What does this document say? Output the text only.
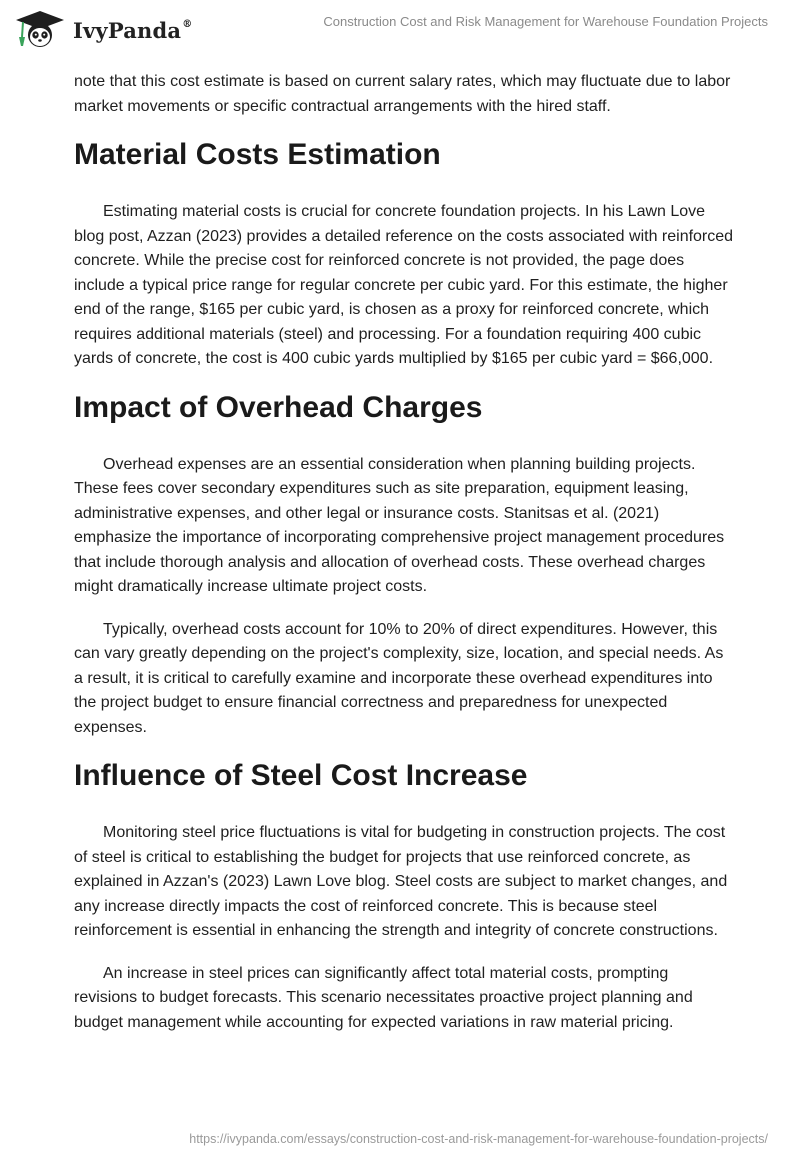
IvyPanda®	Construction Cost and Risk Management for Warehouse Foundation Projects

note that this cost estimate is based on current salary rates, which may fluctuate due to labor market movements or specific contractual arrangements with the hired staff.

Material Costs Estimation

Estimating material costs is crucial for concrete foundation projects. In his Lawn Love blog post, Azzan (2023) provides a detailed reference on the costs associated with reinforced concrete. While the precise cost for reinforced concrete is not provided, the page does include a typical price range for regular concrete per cubic yard. For this estimate, the higher end of the range, $165 per cubic yard, is chosen as a proxy for reinforced concrete, which requires additional materials (steel) and processing. For a foundation requiring 400 cubic yards of concrete, the cost is 400 cubic yards multiplied by $165 per cubic yard = $66,000.

Impact of Overhead Charges

Overhead expenses are an essential consideration when planning building projects. These fees cover secondary expenditures such as site preparation, equipment leasing, administrative expenses, and other legal or insurance costs. Stanitsas et al. (2021) emphasize the importance of incorporating comprehensive project management procedures that include thorough analysis and allocation of overhead costs. These overhead charges might dramatically increase ultimate project costs.

Typically, overhead costs account for 10% to 20% of direct expenditures. However, this can vary greatly depending on the project's complexity, size, location, and special needs. As a result, it is critical to carefully examine and incorporate these overhead expenditures into the project budget to ensure financial correctness and preparedness for unexpected expenses.

Influence of Steel Cost Increase

Monitoring steel price fluctuations is vital for budgeting in construction projects. The cost of steel is critical to establishing the budget for projects that use reinforced concrete, as explained in Azzan's (2023) Lawn Love blog. Steel costs are subject to market changes, and any increase directly impacts the cost of reinforced concrete. This is because steel reinforcement is essential in enhancing the strength and integrity of concrete constructions.

An increase in steel prices can significantly affect total material costs, prompting revisions to budget forecasts. This scenario necessitates proactive project planning and budget management while accounting for expected variations in raw material pricing.

https://ivypanda.com/essays/construction-cost-and-risk-management-for-warehouse-foundation-projects/
